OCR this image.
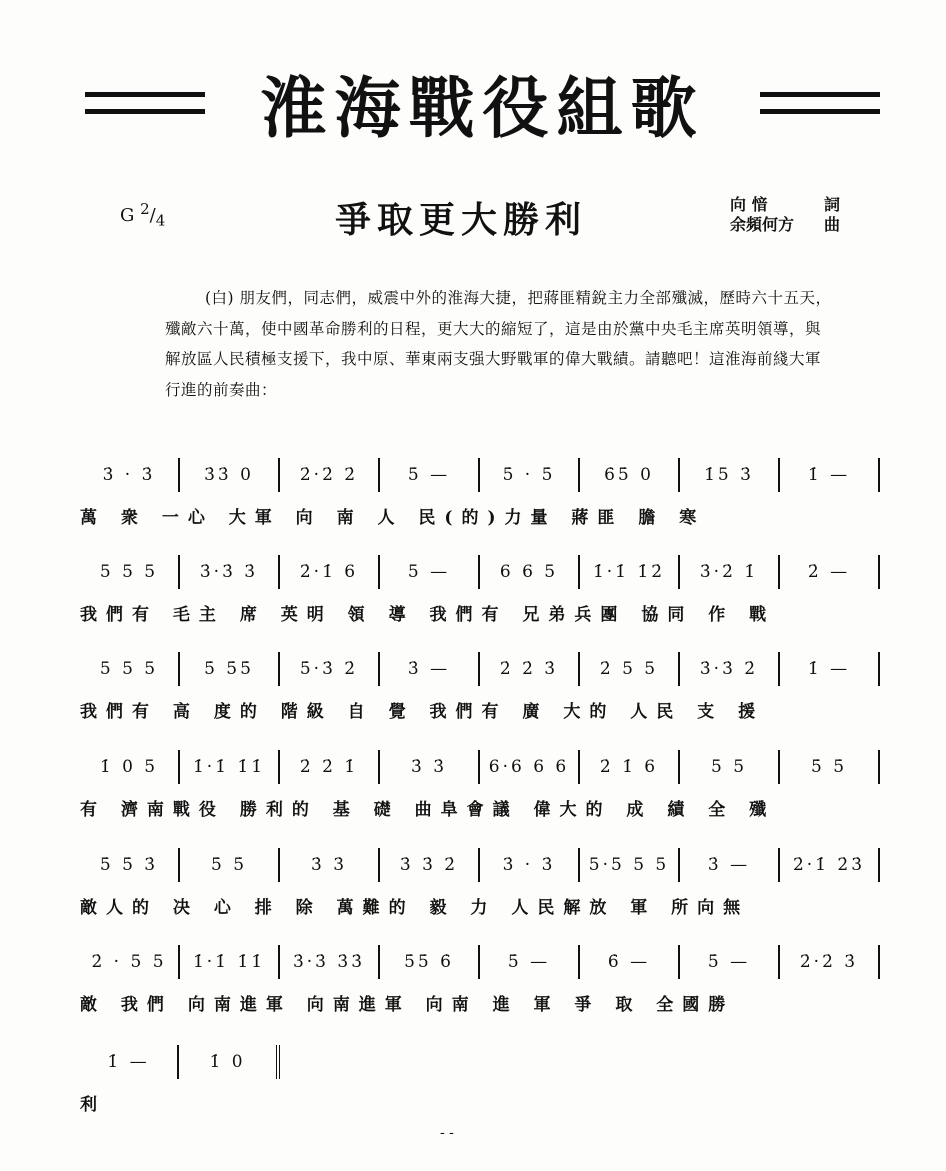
淮海戰役組歌
G $^2/_4$	爭取更大勝利	向 愔	詞
余頻何方 曲
(白) 朋友們，同志們，威震中外的淮海大捷，把蔣匪精銳主力全部殲滅，歷時六十五天，殲敵六十萬，使中國革命勝利的日程，更大大的縮短了，這是由於黨中央毛主席英明領導，與解放區人民積極支援下，我中原、華東兩支强大野戰軍的偉大戰績。請聽吧！這淮海前綫大軍行進的前奏曲：
3̇ · 3̇	3̇3̇ 0	2̇·2̇ 2̇	5̇ —	5̇ · 5̇	6̇5̇ 0	1̇5 3̇	1̇ —
萬 衆 一心 大軍 向 南 人 民(的)力量 蔣匪 膽 寒
5 5 5	3̇·3̇ 3̇	2̇·1̇ 6	5 —	6 6 5	1̇·1̇ 1̇2̇	3̇·2̇ 1̇	2̇ —
我們有 毛主 席 英明 領 導 我們有 兄弟兵團 協同 作 戰
5 5 5	5̇ 5̇5̇	5̇·3̇ 2̇	3̇ —	2̇ 2̇ 3̇	2̇ 5 5	3̇·3̇ 2̇	1̇ —
我們有 高 度的 階級 自 覺 我們有 廣 大的 人民 支 援
1̇ 0 5	1̇·1̇ 1̇1̇	2̇ 2̇ 1̇	3̇ 3̇	6·6 6 6	2̇ 1̇ 6	5 5	5̇ 5̇
有 濟南戰役 勝利的 基 礎 曲阜會議 偉大的 成 績 全 殲
5̇ 5̇ 3̇	5̇ 5̇	3̇ 3̇	3̇ 3̇ 2̇	3̇ · 3̇	5·5 5 5	3̇ —	2̇·1̇ 2̇3̇
敵人的 决 心 排 除 萬難的 毅 力 人民解放 軍 所向無
2̇ · 5 5	1̇·1̇ 1̇1̇	3̇·3̇ 3̇3̇	5̇5̇ 6̇	5̇ —	6̇ —	5̇ —	2̇·2̇ 3̇
敵 我們 向南進軍 向南進軍 向南 進 軍 爭 取 全國勝
1̇ —	1̇ 0
利
- -
